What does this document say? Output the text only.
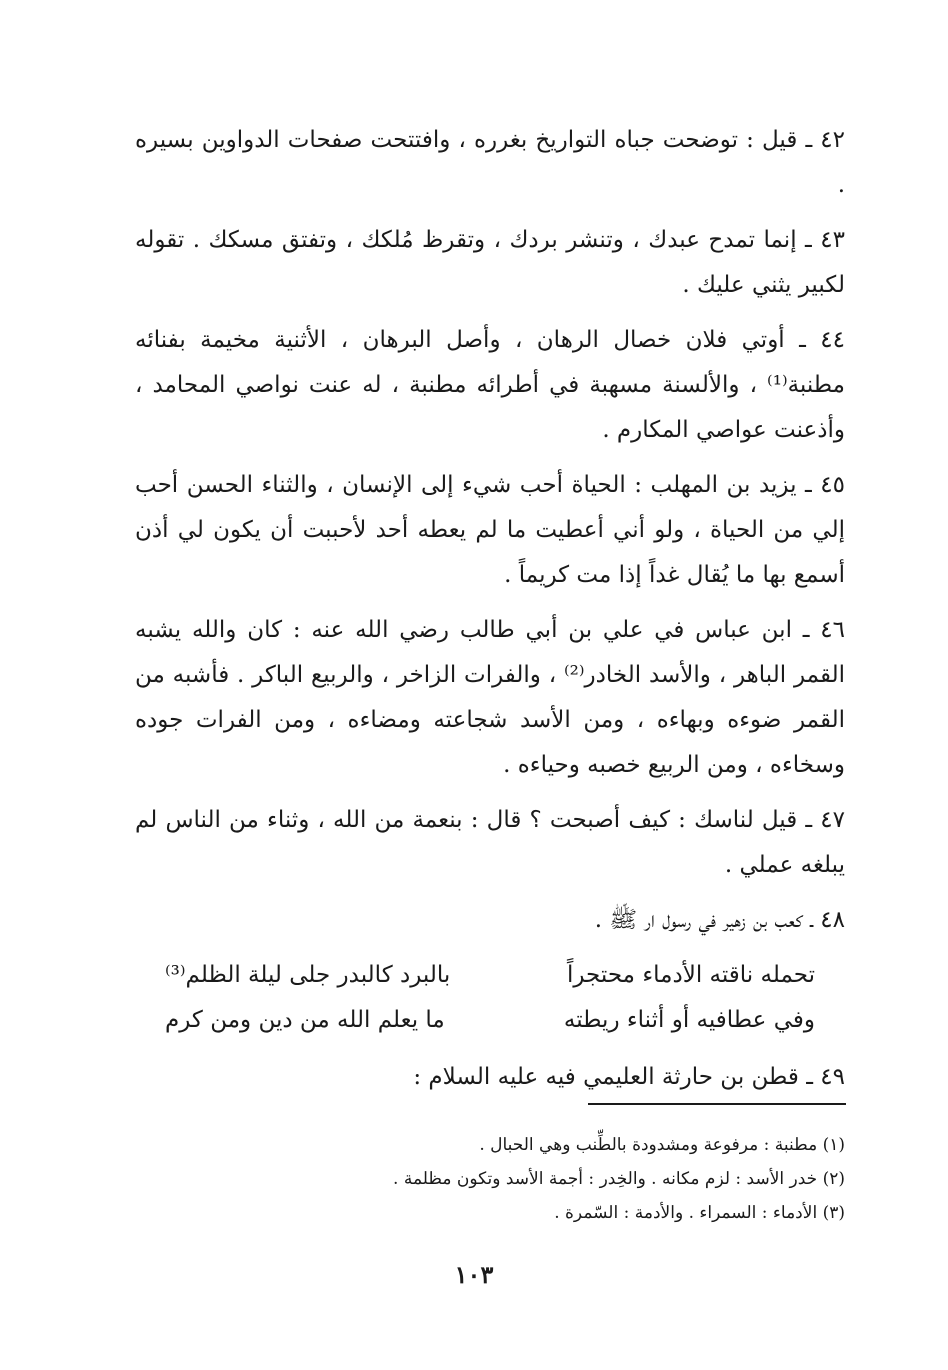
٤٢ ـ قيل : توضحت جباه التواريخ بغرره ، وافتتحت صفحات الدواوين بسيره .

٤٣ ـ إنما تمدح عبدك ، وتنشر بردك ، وتقرظ مُلكك ، وتفتق مسكك . تقوله لكبير يثني عليك .

٤٤ ـ أوتي فلان خصال الرهان ، وأصل البرهان ، الأثنية مخيمة بفنائه مطنبة⁽¹⁾ ، والألسنة مسهبة في أطرائه مطنبة ، له عنت نواصي المحامد ، وأذعنت عواصي المكارم .

٤٥ ـ يزيد بن المهلب : الحياة أحب شيء إلى الإنسان ، والثناء الحسن أحب إلي من الحياة ، ولو أني أعطيت ما لم يعطه أحد لأحببت أن يكون لي أذن أسمع بها ما يُقال غداً إذا مت كريماً .

٤٦ ـ ابن عباس في علي بن أبي طالب رضي الله عنه : كان والله يشبه القمر الباهر ، والأسد الخادر⁽²⁾ ، والفرات الزاخر ، والربيع الباكر . فأشبه من القمر ضوءه وبهاءه ، ومن الأسد شجاعته ومضاءه ، ومن الفرات جوده وسخاءه ، ومن الربيع خصبه وحياءه .

٤٧ ـ قيل لناسك : كيف أصبحت ؟ قال : بنعمة من الله ، وثناء من الناس لم يبلغه عملي .

٤٨ ـ كعب بن زهير في رسول ار ﷺ .

تحمله ناقته الأدماء محتجراً
بالبرد كالبدر جلى ليلة الظلم⁽³⁾
وفي عطافيه أو أثناء ريطته
ما يعلم الله من دين ومن كرم

٤٩ ـ قطن بن حارثة العليمي فيه عليه السلام :

(١) مطنبة : مرفوعة ومشدودة بالطِّنب وهي الحبال .

(٢) خدر الأسد : لزم مكانه . والخِدر : أجمة الأسد وتكون مظلمة .

(٣) الأدماء : السمراء . والأدمة : السّمرة .

١٠٣
